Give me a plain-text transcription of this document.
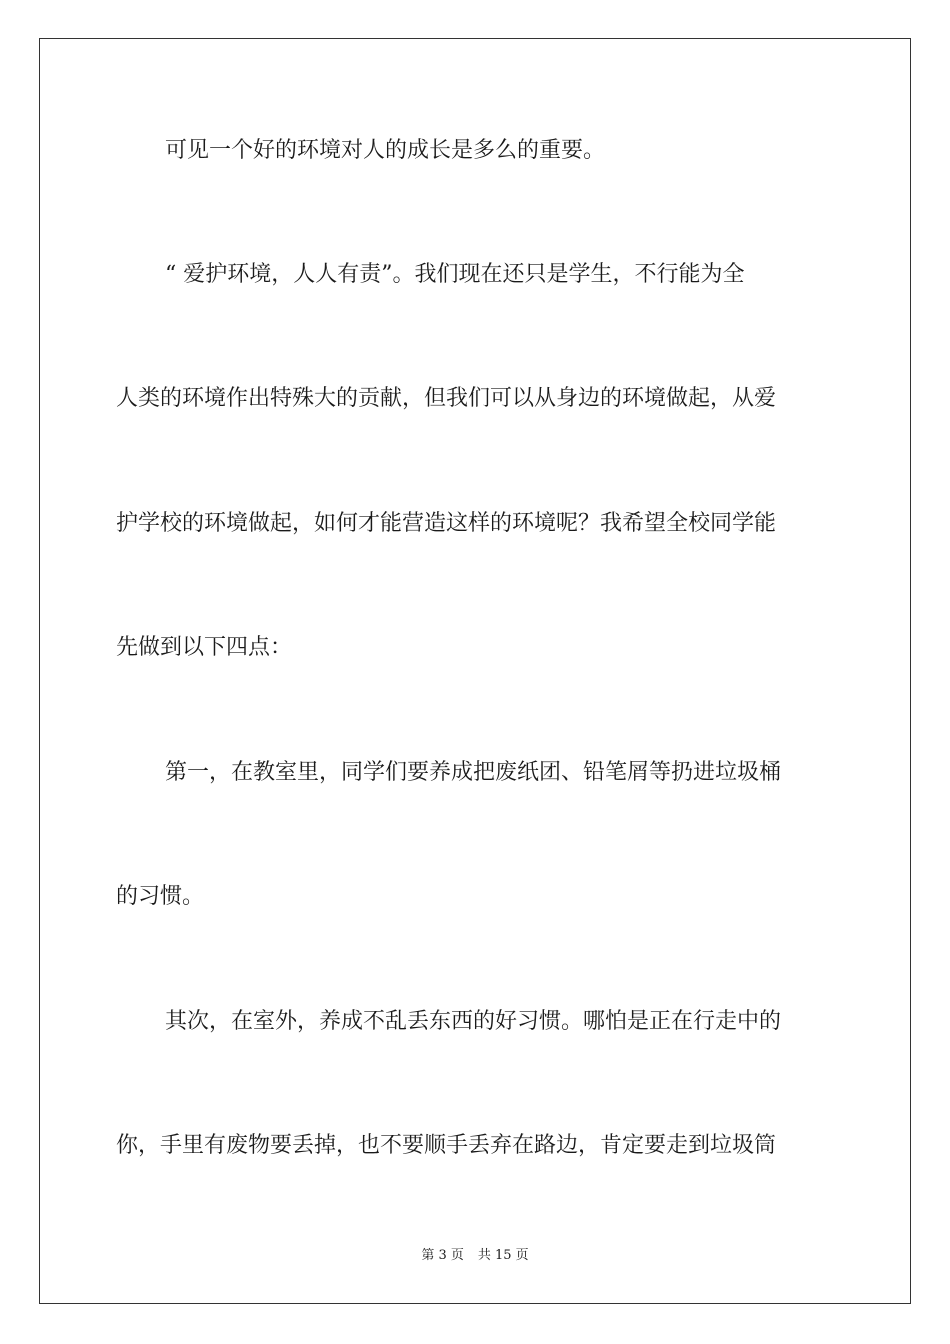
可见一个好的环境对人的成长是多么的重要。
“ 爱护环境，人人有责”。我们现在还只是学生，不行能为全
人类的环境作出特殊大的贡献，但我们可以从身边的环境做起，从爱
护学校的环境做起，如何才能营造这样的环境呢？我希望全校同学能
先做到以下四点：
第一，在教室里，同学们要养成把废纸团、铅笔屑等扔进垃圾桶
的习惯。
其次，在室外，养成不乱丢东西的好习惯。哪怕是正在行走中的
你，手里有废物要丢掉，也不要顺手丢弃在路边，肯定要走到垃圾筒
第 3 页 共 15 页
